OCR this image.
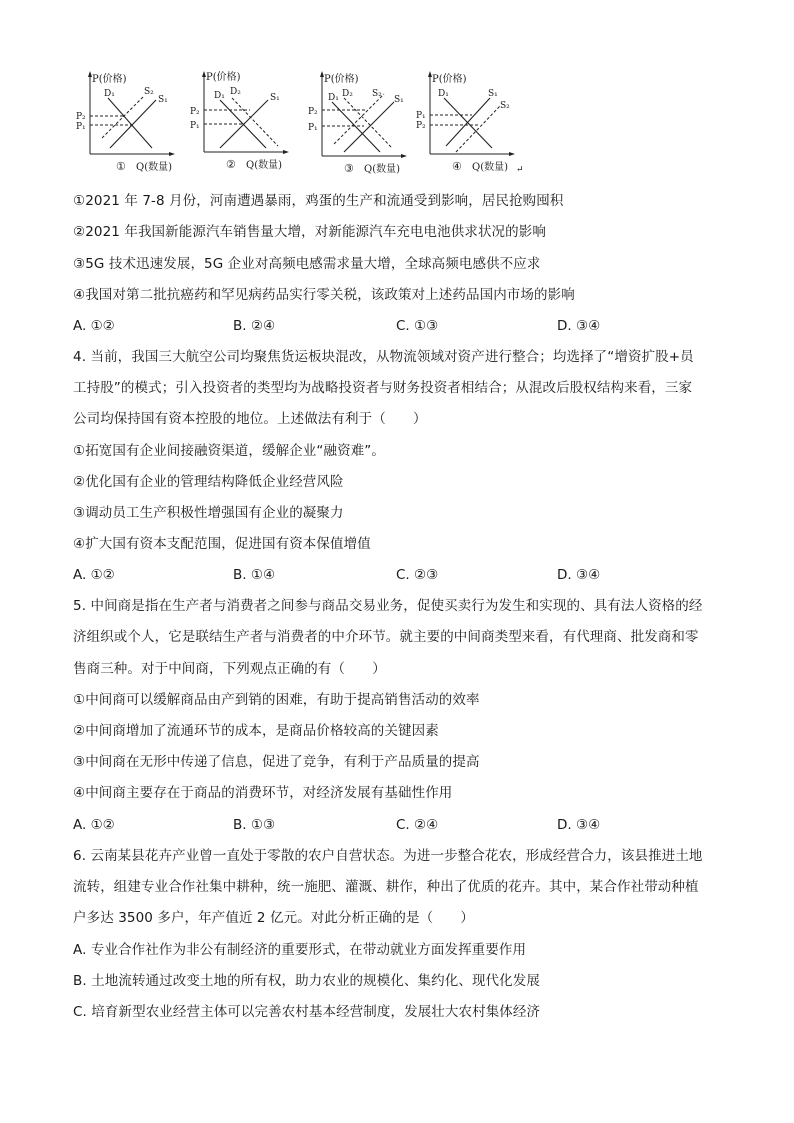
P(价格)
D₁	S₂
S₁
P₂
P₁
① Q(数量)
P(价格)
D₁ D₂
S₁
P₂
P₁
② Q(数量)
P(价格)
D₁ D₂ S₂
S₁
P₂
P₁
③ Q(数量)
P(价格)
D₁	S₁
S₂
P₁
P₂
④ Q(数量) ↵
①2021 年 7-8 月份，河南遭遇暴雨，鸡蛋的生产和流通受到影响，居民抢购囤积
②2021 年我国新能源汽车销售量大增，对新能源汽车充电电池供求状况的影响
③5G 技术迅速发展，5G 企业对高频电感需求量大增，全球高频电感供不应求
④我国对第二批抗癌药和罕见病药品实行零关税，该政策对上述药品国内市场的影响
A. ①②	B. ②④	C. ①③	D. ③④
4. 当前，我国三大航空公司均聚焦货运板块混改，从物流领域对资产进行整合；均选择了“增资扩股+员
工持股”的模式；引入投资者的类型均为战略投资者与财务投资者相结合；从混改后股权结构来看，三家
公司均保持国有资本控股的地位。上述做法有利于（　　）
①拓宽国有企业间接融资渠道，缓解企业“融资难”。
②优化国有企业的管理结构降低企业经营风险
③调动员工生产积极性增强国有企业的凝聚力
④扩大国有资本支配范围，促进国有资本保值增值
A. ①②	B. ①④	C. ②③	D. ③④
5. 中间商是指在生产者与消费者之间参与商品交易业务，促使买卖行为发生和实现的、具有法人资格的经
济组织或个人，它是联结生产者与消费者的中介环节。就主要的中间商类型来看，有代理商、批发商和零
售商三种。对于中间商，下列观点正确的有（　　）
①中间商可以缓解商品由产到销的困难，有助于提高销售活动的效率
②中间商增加了流通环节的成本，是商品价格较高的关键因素
③中间商在无形中传递了信息，促进了竞争，有利于产品质量的提高
④中间商主要存在于商品的消费环节，对经济发展有基础性作用
A. ①②	B. ①③	C. ②④	D. ③④
6. 云南某县花卉产业曾一直处于零散的农户自营状态。为进一步整合花农，形成经营合力，该县推进土地
流转，组建专业合作社集中耕种，统一施肥、灌溉、耕作，种出了优质的花卉。其中，某合作社带动种植
户多达 3500 多户，年产值近 2 亿元。对此分析正确的是（　　）
A. 专业合作社作为非公有制经济的重要形式，在带动就业方面发挥重要作用
B. 土地流转通过改变土地的所有权，助力农业的规模化、集约化、现代化发展
C. 培育新型农业经营主体可以完善农村基本经营制度，发展壮大农村集体经济
